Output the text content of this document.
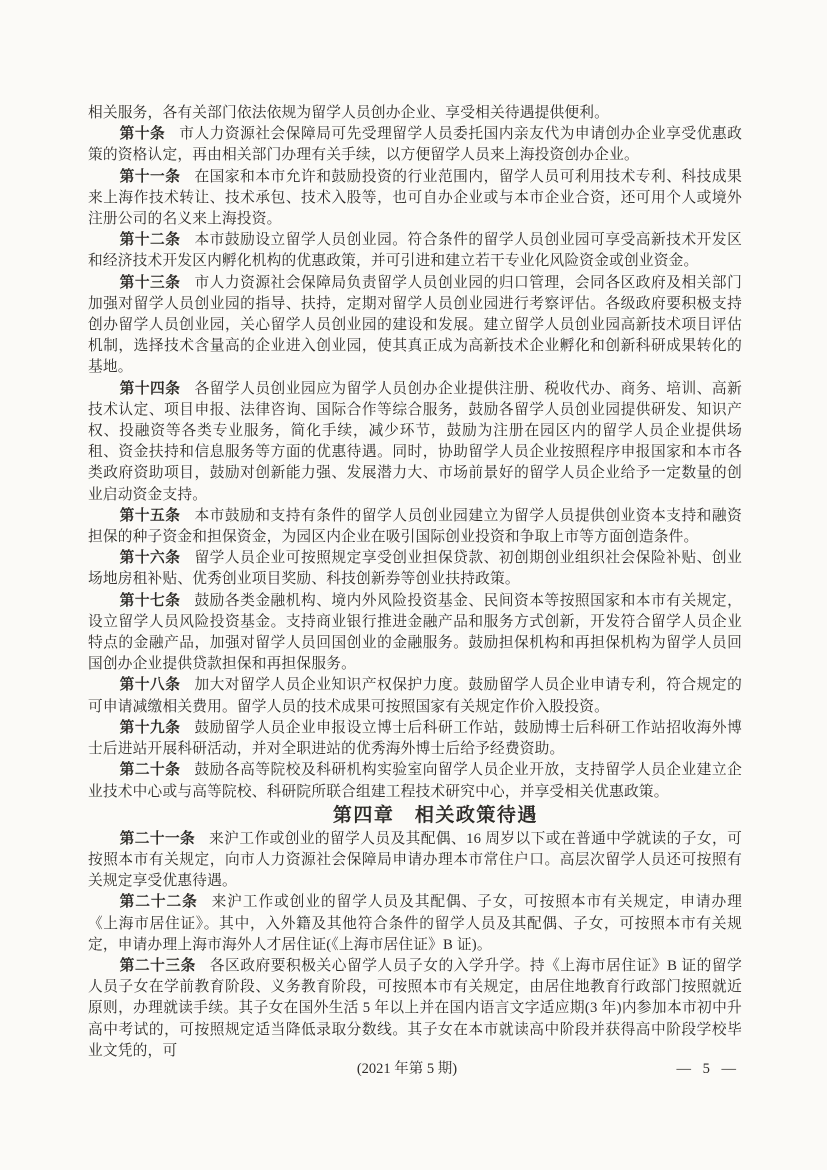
相关服务，各有关部门依法依规为留学人员创办企业、享受相关待遇提供便利。

第十条 市人力资源社会保障局可先受理留学人员委托国内亲友代为申请创办企业享受优惠政策的资格认定，再由相关部门办理有关手续，以方便留学人员来上海投资创办企业。

第十一条 在国家和本市允许和鼓励投资的行业范围内，留学人员可利用技术专利、科技成果来上海作技术转让、技术承包、技术入股等，也可自办企业或与本市企业合资，还可用个人或境外注册公司的名义来上海投资。

第十二条 本市鼓励设立留学人员创业园。符合条件的留学人员创业园可享受高新技术开发区和经济技术开发区内孵化机构的优惠政策，并可引进和建立若干专业化风险资金或创业资金。

第十三条 市人力资源社会保障局负责留学人员创业园的归口管理，会同各区政府及相关部门加强对留学人员创业园的指导、扶持，定期对留学人员创业园进行考察评估。各级政府要积极支持创办留学人员创业园，关心留学人员创业园的建设和发展。建立留学人员创业园高新技术项目评估机制，选择技术含量高的企业进入创业园，使其真正成为高新技术企业孵化和创新科研成果转化的基地。

第十四条 各留学人员创业园应为留学人员创办企业提供注册、税收代办、商务、培训、高新技术认定、项目申报、法律咨询、国际合作等综合服务，鼓励各留学人员创业园提供研发、知识产权、投融资等各类专业服务，简化手续，减少环节，鼓励为注册在园区内的留学人员企业提供场租、资金扶持和信息服务等方面的优惠待遇。同时，协助留学人员企业按照程序申报国家和本市各类政府资助项目，鼓励对创新能力强、发展潜力大、市场前景好的留学人员企业给予一定数量的创业启动资金支持。

第十五条 本市鼓励和支持有条件的留学人员创业园建立为留学人员提供创业资本支持和融资担保的种子资金和担保资金，为园区内企业在吸引国际创业投资和争取上市等方面创造条件。

第十六条 留学人员企业可按照规定享受创业担保贷款、初创期创业组织社会保险补贴、创业场地房租补贴、优秀创业项目奖励、科技创新券等创业扶持政策。

第十七条 鼓励各类金融机构、境内外风险投资基金、民间资本等按照国家和本市有关规定，设立留学人员风险投资基金。支持商业银行推进金融产品和服务方式创新，开发符合留学人员企业特点的金融产品，加强对留学人员回国创业的金融服务。鼓励担保机构和再担保机构为留学人员回国创办企业提供贷款担保和再担保服务。

第十八条 加大对留学人员企业知识产权保护力度。鼓励留学人员企业申请专利，符合规定的可申请减缴相关费用。留学人员的技术成果可按照国家有关规定作价入股投资。

第十九条 鼓励留学人员企业申报设立博士后科研工作站，鼓励博士后科研工作站招收海外博士后进站开展科研活动，并对全职进站的优秀海外博士后给予经费资助。

第二十条 鼓励各高等院校及科研机构实验室向留学人员企业开放，支持留学人员企业建立企业技术中心或与高等院校、科研院所联合组建工程技术研究中心，并享受相关优惠政策。

第四章　相关政策待遇

第二十一条 来沪工作或创业的留学人员及其配偶、16 周岁以下或在普通中学就读的子女，可按照本市有关规定，向市人力资源社会保障局申请办理本市常住户口。高层次留学人员还可按照有关规定享受优惠待遇。

第二十二条 来沪工作或创业的留学人员及其配偶、子女，可按照本市有关规定，申请办理《上海市居住证》。其中，入外籍及其他符合条件的留学人员及其配偶、子女，可按照本市有关规定，申请办理上海市海外人才居住证(《上海市居住证》B 证)。

第二十三条 各区政府要积极关心留学人员子女的入学升学。持《上海市居住证》B 证的留学人员子女在学前教育阶段、义务教育阶段，可按照本市有关规定，由居住地教育行政部门按照就近原则，办理就读手续。其子女在国外生活 5 年以上并在国内语言文字适应期(3 年)内参加本市初中升高中考试的，可按照规定适当降低录取分数线。其子女在本市就读高中阶段并获得高中阶段学校毕业文凭的，可

(2021 年第 5 期)	— 5 —
